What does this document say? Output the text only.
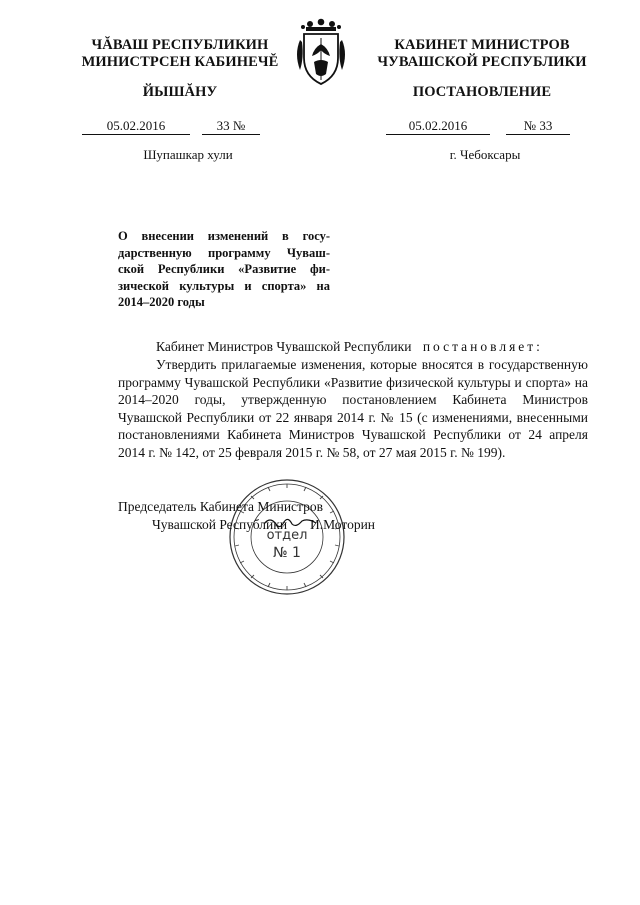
ЧĂВАШ РЕСПУБЛИКИН
МИНИСТРСЕН КАБИНЕЧĔ
ЙЫШĂНУ
КАБИНЕТ МИНИСТРОВ
ЧУВАШСКОЙ РЕСПУБЛИКИ
ПОСТАНОВЛЕНИЕ
05.02.2016	33 №
Шупашкар хули
05.02.2016	№ 33
г. Чебоксары
О внесении изменений в госу-
дарственную программу Чуваш-
ской Республики «Развитие фи-
зической культуры и спорта» на
2014–2020 годы
Кабинет Министров Чувашской Республики постановляет:
Утвердить прилагаемые изменения, которые вносятся в государственную программу Чувашской Республики «Развитие физической культуры и спорта» на 2014–2020 годы, утвержденную постановлением Кабинета Министров Чувашской Республики от 22 января 2014 г. № 15 (с изменениями, внесенными постановлениями Кабинета Министров Чувашской Республики от 24 апреля 2014 г. № 142, от 25 февраля 2015 г. № 58, от 27 мая 2015 г. № 199).
отдел
№ 1
Председатель Кабинета Министров
Чувашской Республики	И.Моторин
